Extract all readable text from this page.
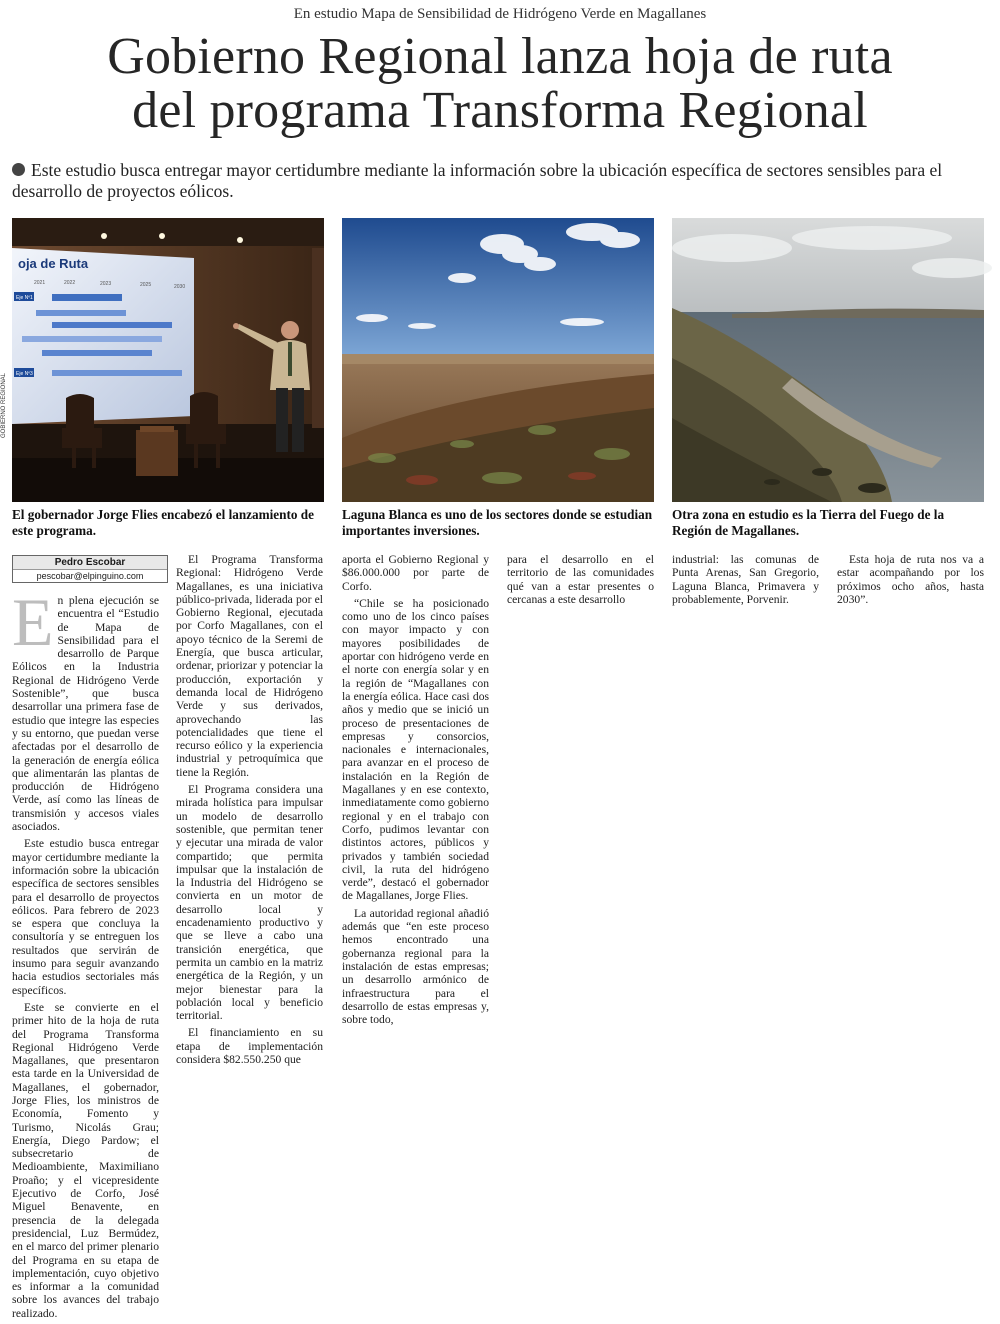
En estudio Mapa de Sensibilidad de Hidrógeno Verde en Magallanes
Gobierno Regional lanza hoja de ruta
del programa Transforma Regional
Este estudio busca entregar mayor certidumbre mediante la información sobre la ubicación específica de sectores sensibles para el desarrollo de proyectos eólicos.
oja de Ruta
2021	2022	2023	2025	2030
Eje Nº1
Eje Nº3
GOBIERNO REGIONAL
El gobernador Jorge Flies encabezó el lanzamiento de este programa.
Laguna Blanca es uno de los sectores donde se estudian importantes inversiones.
Otra zona en estudio es la Tierra del Fuego de la Región de Magallanes.
Pedro Escobar
pescobar@elpinguino.com

En plena ejecución se encuentra el “Estudio de Mapa de Sensibilidad para el desarrollo de Parque Eólicos en la Industria Regional de Hidrógeno Verde Sostenible”, que busca desarrollar una primera fase de estudio que integre las especies y su entorno, que puedan verse afectadas por el desarrollo de la generación de energía eólica que alimentarán las plantas de producción de Hidrógeno Verde, así como las líneas de transmisión y accesos viales asociados.

Este estudio busca entregar mayor certidumbre mediante la información sobre la ubicación específica de sectores sensibles para el desarrollo de proyectos eólicos. Para febrero de 2023 se espera que concluya la consultoría y se entreguen los resultados que servirán de insumo para seguir avanzando hacia estudios sectoriales más específicos.

Este se convierte en el primer hito de la hoja de ruta del Programa Transforma Regional Hidrógeno Verde Magallanes, que presentaron esta tarde en la Universidad de Magallanes, el gobernador, Jorge Flies, los ministros de Economía, Fomento y Turismo, Nicolás Grau; Energía, Diego Pardow; el subsecretario de Medioambiente, Maximiliano Proaño; y el vicepresidente Ejecutivo de Corfo, José Miguel Benavente, en presencia de la delegada presidencial, Luz Bermúdez, en el marco del primer plenario del Programa en su etapa de implementación, cuyo objetivo es informar a la comunidad sobre los avances del trabajo realizado.

El Programa Transforma Regional: Hidrógeno Verde Magallanes, es una iniciativa público-privada, liderada por el Gobierno Regional, ejecutada por Corfo Magallanes, con el apoyo técnico de la Seremi de Energía, que busca articular, ordenar, priorizar y potenciar la producción, exportación y demanda local de Hidrógeno Verde y sus derivados, aprovechando las potencialidades que tiene el recurso eólico y la experiencia industrial y petroquímica que tiene la Región.

El Programa considera una mirada holística para impulsar un modelo de desarrollo sostenible, que permitan tener y ejecutar una mirada de valor compartido; que permita impulsar que la instalación de la Industria del Hidrógeno se convierta en un motor de desarrollo local y encadenamiento productivo y que se lleve a cabo una transición energética, que permita un cambio en la matriz energética de la Región, y un mejor bienestar para la población local y beneficio territorial.

El financiamiento en su etapa de implementación considera $82.550.250 que

aporta el Gobierno Regional y $86.000.000 por parte de Corfo.

“Chile se ha posicionado como uno de los cinco países con mayor impacto y con mayores posibilidades de aportar con hidrógeno verde en el norte con energía solar y en la región de “Magallanes con la energía eólica. Hace casi dos años y medio que se inició un proceso de presentaciones de empresas y consorcios, nacionales e internacionales, para avanzar en el proceso de instalación en la Región de Magallanes y en ese contexto, inmediatamente como gobierno regional y en el trabajo con Corfo, pudimos levantar con distintos actores, públicos y privados y también sociedad civil, la ruta del hidrógeno verde”, destacó el gobernador de Magallanes, Jorge Flies.

La autoridad regional añadió además que “en este proceso hemos encontrado una gobernanza regional para la instalación de estas empresas; un desarrollo armónico de infraestructura para el desarrollo de estas empresas y, sobre todo,

para el desarrollo en el territorio de las comunidades qué van a estar presentes o cercanas a este desarrollo

industrial: las comunas de Punta Arenas, San Gregorio, Laguna Blanca, Primavera y probablemente, Porvenir.

Esta hoja de ruta nos va a estar acompañando por los próximos ocho años, hasta 2030”.
